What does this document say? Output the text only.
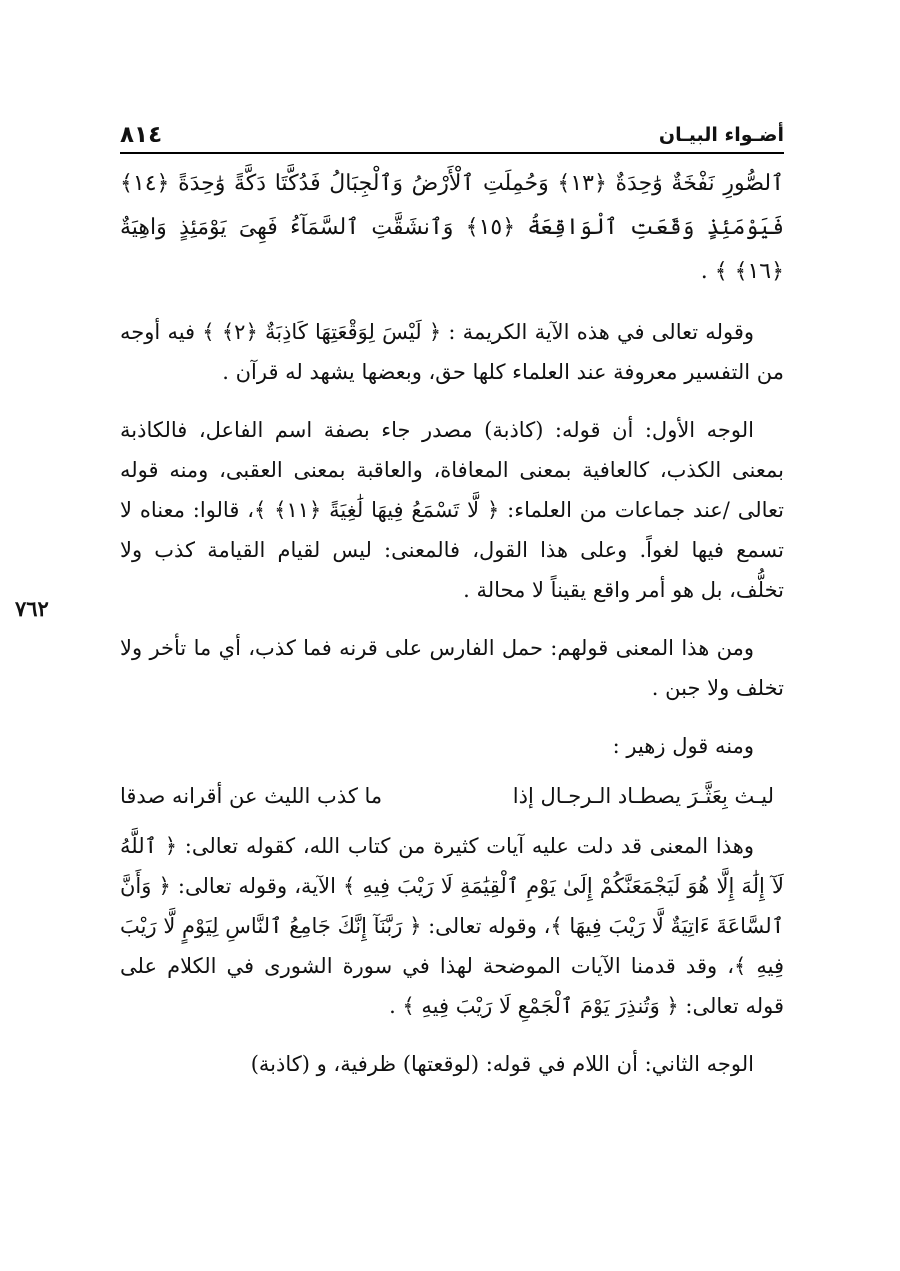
أضـواء البيـان
٨١٤
ٱلصُّورِ نَفْخَةٌ وَٰحِدَةٌ ﴿١٣﴾ وَحُمِلَتِ ٱلْأَرْضُ وَٱلْجِبَالُ فَدُكَّتَا دَكَّةً وَٰحِدَةً ﴿١٤﴾ فَيَوْمَئِذٍ وَقَعَتِ ٱلْوَاقِعَةُ ﴿١٥﴾ وَٱنشَقَّتِ ٱلسَّمَآءُ فَهِىَ يَوْمَئِذٍ وَاهِيَةٌ ﴿١٦﴾ ﴾ .
وقوله تعالى في هذه الآية الكريمة : ﴿ لَيْسَ لِوَقْعَتِهَا كَاذِبَةٌ ﴿٢﴾ ﴾ فيه أوجه من التفسير معروفة عند العلماء كلها حق، وبعضها يشهد له قرآن .
الوجه الأول: أن قوله: (كاذبة) مصدر جاء بصفة اسم الفاعل، فالكاذبة بمعنى الكذب، كالعافية بمعنى المعافاة، والعاقبة بمعنى العقبى، ومنه قوله تعالى /عند جماعات من العلماء: ﴿ لَّا تَسْمَعُ فِيهَا لَٰغِيَةً ﴿١١﴾ ﴾، قالوا: معناه لا تسمع فيها لغواً. وعلى هذا القول، فالمعنى: ليس لقيام القيامة كذب ولا تخلُّف، بل هو أمر واقع يقيناً لا محالة .
ومن هذا المعنى قولهم: حمل الفارس على قرنه فما كذب، أي ما تأخر ولا تخلف ولا جبن .
ومنه قول زهير :
ليـث بِعَثَّـرَ يصطـاد الـرجـال إذا
ما كذب الليث عن أقرانه صدقا
وهذا المعنى قد دلت عليه آيات كثيرة من كتاب الله، كقوله تعالى: ﴿ ٱللَّهُ لَآ إِلَٰهَ إِلَّا هُوَ لَيَجْمَعَنَّكُمْ إِلَىٰ يَوْمِ ٱلْقِيَٰمَةِ لَا رَيْبَ فِيهِ ﴾ الآية، وقوله تعالى: ﴿ وَأَنَّ ٱلسَّاعَةَ ءَاتِيَةٌ لَّا رَيْبَ فِيهَا ﴾، وقوله تعالى: ﴿ رَبَّنَآ إِنَّكَ جَامِعُ ٱلنَّاسِ لِيَوْمٍ لَّا رَيْبَ فِيهِ ﴾، وقد قدمنا الآيات الموضحة لهذا في سورة الشورى في الكلام على قوله تعالى: ﴿ وَتُنذِرَ يَوْمَ ٱلْجَمْعِ لَا رَيْبَ فِيهِ ﴾ .
الوجه الثاني: أن اللام في قوله: (لوقعتها) ظرفية، و (كاذبة)
٧٦٢
